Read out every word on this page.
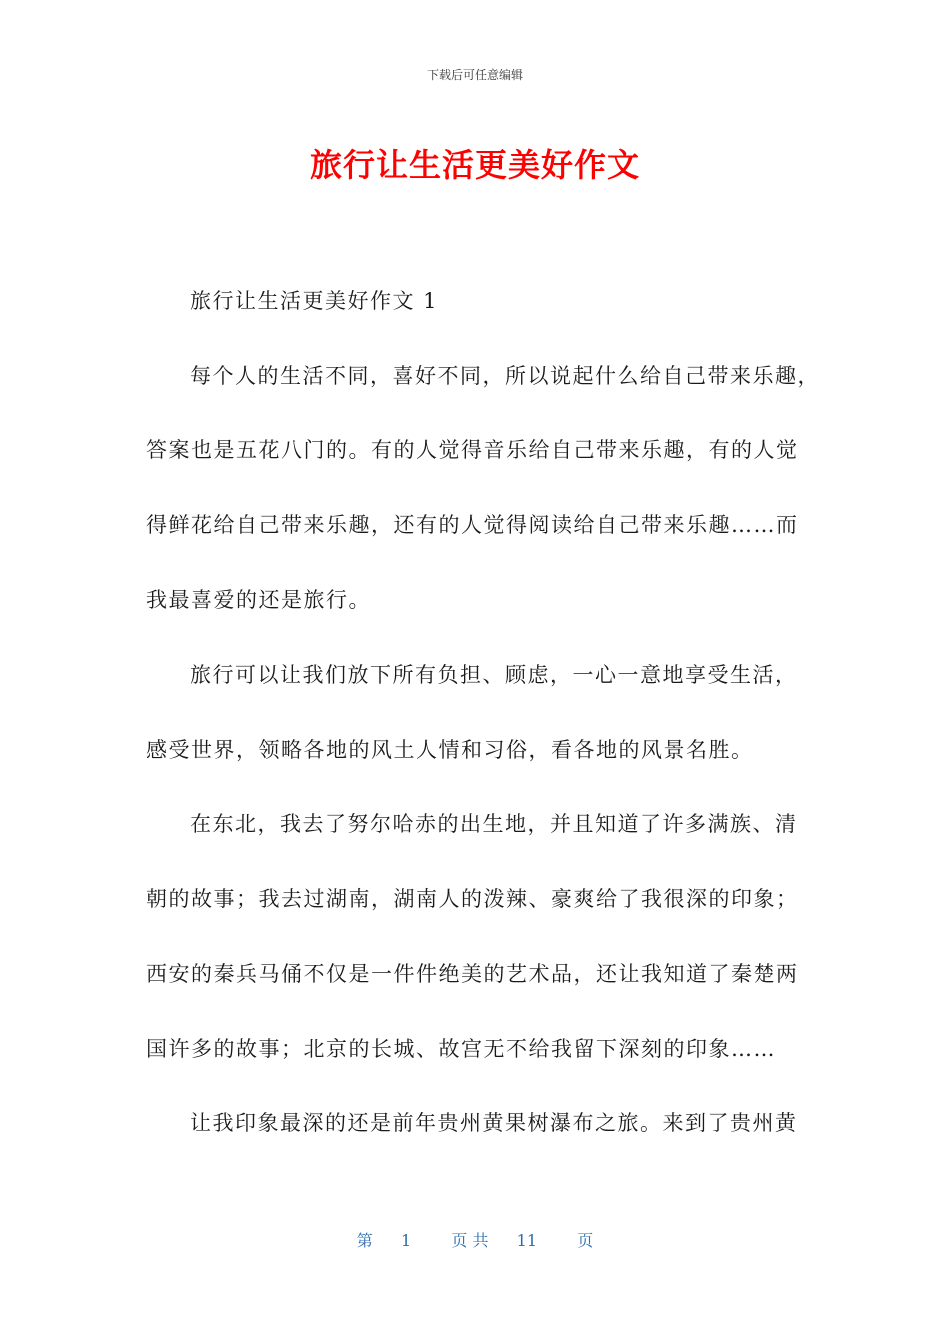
下载后可任意编辑
旅行让生活更美好作文
旅行让生活更美好作文 1
每个人的生活不同，喜好不同，所以说起什么给自己带来乐趣，
答案也是五花八门的。有的人觉得音乐给自己带来乐趣，有的人觉
得鲜花给自己带来乐趣，还有的人觉得阅读给自己带来乐趣……而
我最喜爱的还是旅行。
旅行可以让我们放下所有负担、顾虑，一心一意地享受生活，
感受世界，领略各地的风土人情和习俗，看各地的风景名胜。
在东北，我去了努尔哈赤的出生地，并且知道了许多满族、清
朝的故事；我去过湖南，湖南人的泼辣、豪爽给了我很深的印象；
西安的秦兵马俑不仅是一件件绝美的艺术品，还让我知道了秦楚两
国许多的故事；北京的长城、故宫无不给我留下深刻的印象……
让我印象最深的还是前年贵州黄果树瀑布之旅。来到了贵州黄
第 1	页 共 11	页
